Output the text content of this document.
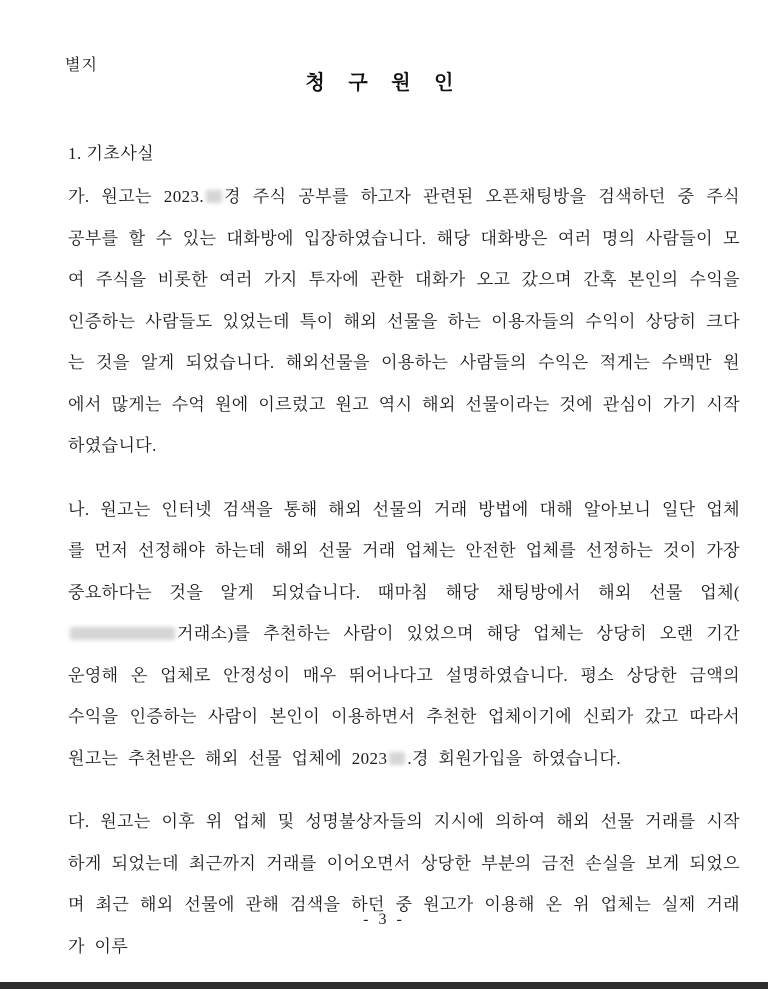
별지
청 구 원 인
1. 기초사실

가. 원고는 2023. 경 주식 공부를 하고자 관련된 오픈채팅방을 검색하던 중 주식 공부를 할 수 있는 대화방에 입장하였습니다. 해당 대화방은 여러 명의 사람들이 모여 주식을 비롯한 여러 가지 투자에 관한 대화가 오고 갔으며 간혹 본인의 수익을 인증하는 사람들도 있었는데 특이 해외 선물을 하는 이용자들의 수익이 상당히 크다는 것을 알게 되었습니다. 해외선물을 이용하는 사람들의 수익은 적게는 수백만 원에서 많게는 수억 원에 이르렀고 원고 역시 해외 선물이라는 것에 관심이 가기 시작하였습니다.

나. 원고는 인터넷 검색을 통해 해외 선물의 거래 방법에 대해 알아보니 일단 업체를 먼저 선정해야 하는데 해외 선물 거래 업체는 안전한 업체를 선정하는 것이 가장 중요하다는 것을 알게 되었습니다. 때마침 해당 채팅방에서 해외 선물 업체(거래소)를 추천하는 사람이 있었으며 해당 업체는 상당히 오랜 기간 운영해 온 업체로 안정성이 매우 뛰어나다고 설명하였습니다. 평소 상당한 금액의 수익을 인증하는 사람이 본인이 이용하면서 추천한 업체이기에 신뢰가 갔고 따라서 원고는 추천받은 해외 선물 업체에 2023 .경 회원가입을 하였습니다.

다. 원고는 이후 위 업체 및 성명불상자들의 지시에 의하여 해외 선물 거래를 시작하게 되었는데 최근까지 거래를 이어오면서 상당한 부분의 금전 손실을 보게 되었으며 최근 해외 선물에 관해 검색을 하던 중 원고가 이용해 온 위 업체는 실제 거래가 이루

- 3 -
